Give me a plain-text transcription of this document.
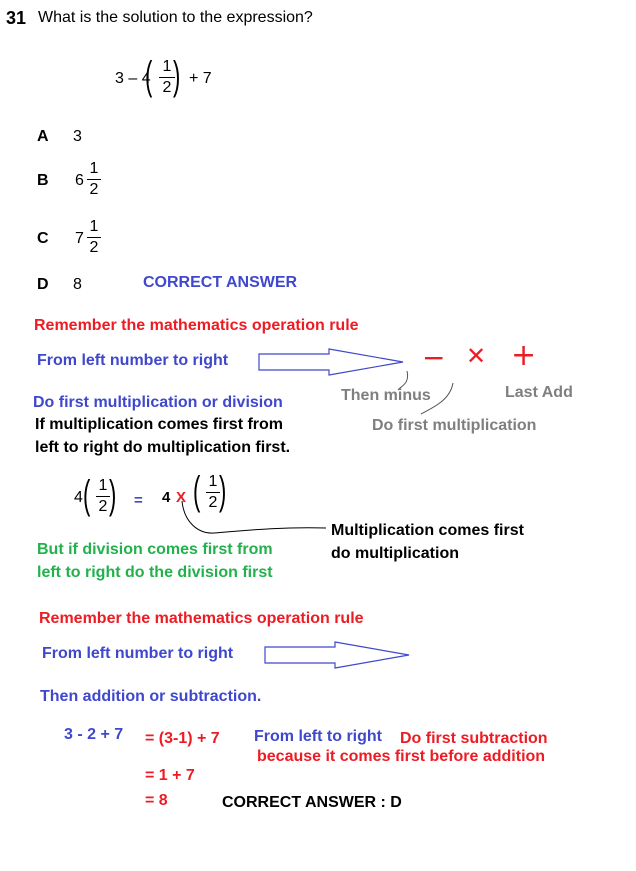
31 What is the solution to the expression?
3 – 4
( 1
2 ) + 7
A 3
B 6
1
2
C 7
1
2
D 8	CORRECT ANSWER
Remember the mathematics operation rule
From left number to right	− ✕ +
Then minus	Last Add
Do first multiplication or division
Do first multiplication
If multiplication comes first from
left to right do multiplication first.
4 ( 1
2 ) = 4 X ( 1
2 )
Multiplication comes first
do multiplication
But if division comes first from
left to right do the division first
Remember the mathematics operation rule
From left number to right
Then addition or subtraction.
3 - 2 + 7 = (3-1) + 7 From left to right Do first subtraction
because it comes first before addition
= 1 + 7
= 8	CORRECT ANSWER : D
